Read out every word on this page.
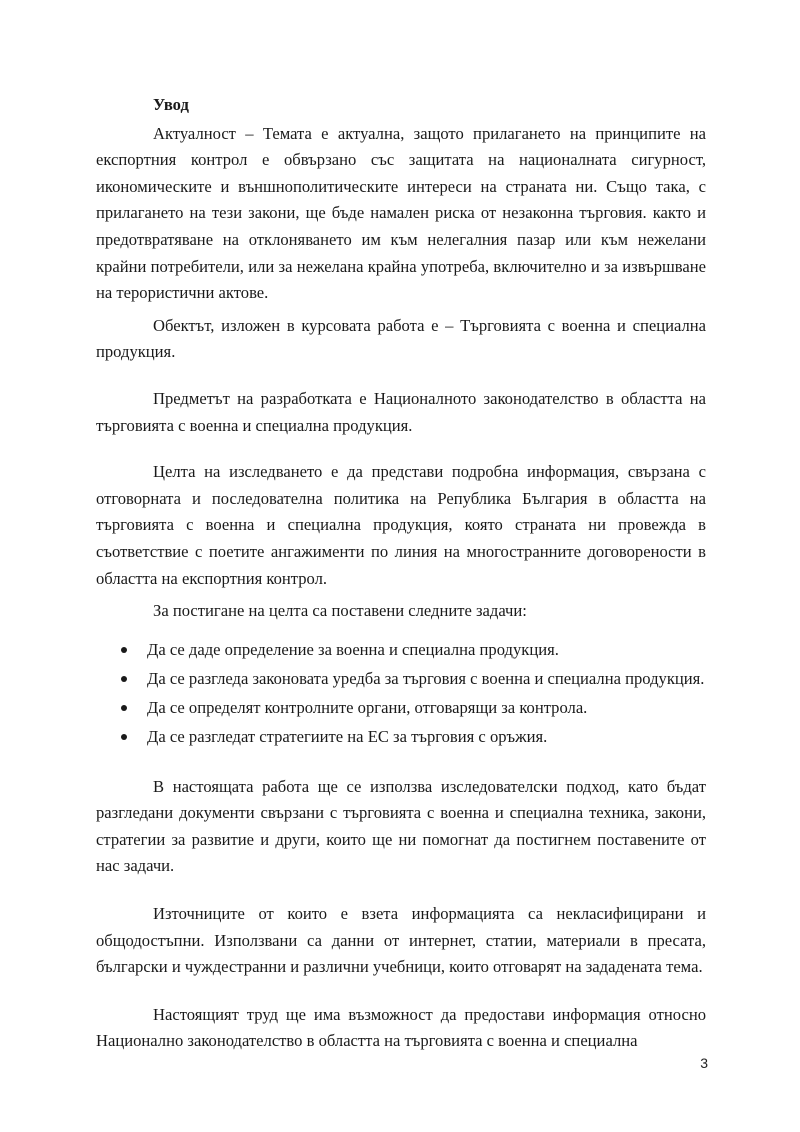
Увод

Актуалност – Темата е актуална, защото прилагането на принципите на експортния контрол е обвързано със защитата на националната сигурност, икономическите и външнополитическите интереси на страната ни. Също така, с прилагането на тези закони, ще бъде намален риска от незаконна търговия. както и предотвратяване на отклоняването им към нелегалния пазар или към нежелани крайни потребители, или за нежелана крайна употреба, включително и за извършване на терористични актове.

Обектът, изложен в курсовата работа е – Търговията с военна и специална продукция.

Предметът на разработката е Националното законодателство в областта на търговията с военна и специална продукция.

Целта на изследването е да представи подробна информация, свързана с отговорната и последователна политика на Република България в областта на търговията с военна и специална продукция, която страната ни провежда в съответствие с поетите ангажименти по линия на многостранните договорености в областта на експортния контрол.

За постигане на целта са поставени следните задачи:

Да се даде определение за военна и специална продукция.
Да се разгледа законовата уредба за търговия с военна и специална продукция.
Да се определят контролните органи, отговарящи за контрола.
Да се разгледат стратегиите на ЕС за търговия с оръжия.

В настоящата работа ще се използва изследователски подход, като бъдат разгледани документи свързани с търговията с военна и специална техника, закони, стратегии за развитие и други, които ще ни помогнат да постигнем поставените от нас задачи.

Източниците от които е взета информацията са некласифицирани и общодостъпни. Използвани са данни от интернет, статии, материали в пресата, български и чуждестранни и различни учебници, които отговарят на зададената тема.

Настоящият труд ще има възможност да предостави информация относно Национално законодателство в областта на търговията с военна и специална

3
